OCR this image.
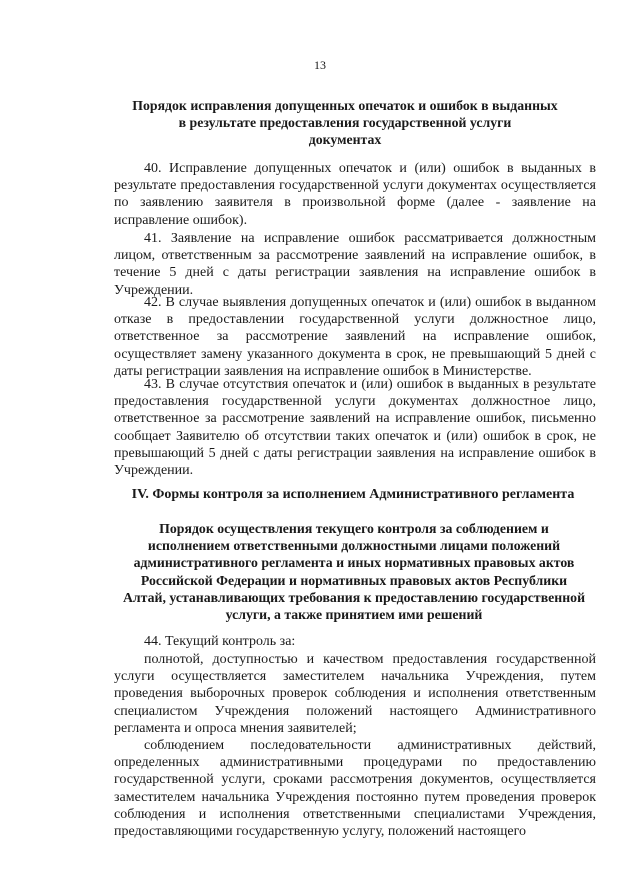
13
Порядок исправления допущенных опечаток и ошибок в выданных
в результате предоставления государственной услуги
документах

40. Исправление допущенных опечаток и (или) ошибок в выданных в результате предоставления государственной услуги документах осуществляется по заявлению заявителя в произвольной форме (далее - заявление на исправление ошибок).

41. Заявление на исправление ошибок рассматривается должностным лицом, ответственным за рассмотрение заявлений на исправление ошибок, в течение 5 дней с даты регистрации заявления на исправление ошибок в Учреждении.

42. В случае выявления допущенных опечаток и (или) ошибок в выданном отказе в предоставлении государственной услуги должностное лицо, ответственное за рассмотрение заявлений на исправление ошибок, осуществляет замену указанного документа в срок, не превышающий 5 дней с даты регистрации заявления на исправление ошибок в Министерстве.

43. В случае отсутствия опечаток и (или) ошибок в выданных в результате предоставления государственной услуги документах должностное лицо, ответственное за рассмотрение заявлений на исправление ошибок, письменно сообщает Заявителю об отсутствии таких опечаток и (или) ошибок в срок, не превышающий 5 дней с даты регистрации заявления на исправление ошибок в Учреждении.

IV. Формы контроля за исполнением Административного регламента
Порядок осуществления текущего контроля за соблюдением и
исполнением ответственными должностными лицами положений
административного регламента и иных нормативных правовых актов
Российской Федерации и нормативных правовых актов Республики
Алтай, устанавливающих требования к предоставлению государственной
услуги, а также принятием ими решений

44. Текущий контроль за:

полнотой, доступностью и качеством предоставления государственной услуги осуществляется заместителем начальника Учреждения, путем проведения выборочных проверок соблюдения и исполнения ответственным специалистом Учреждения положений настоящего Административного регламента и опроса мнения заявителей;

соблюдением последовательности административных действий, определенных административными процедурами по предоставлению государственной услуги, сроками рассмотрения документов, осуществляется заместителем начальника Учреждения постоянно путем проведения проверок соблюдения и исполнения ответственными специалистами Учреждения, предоставляющими государственную услугу, положений настоящего
